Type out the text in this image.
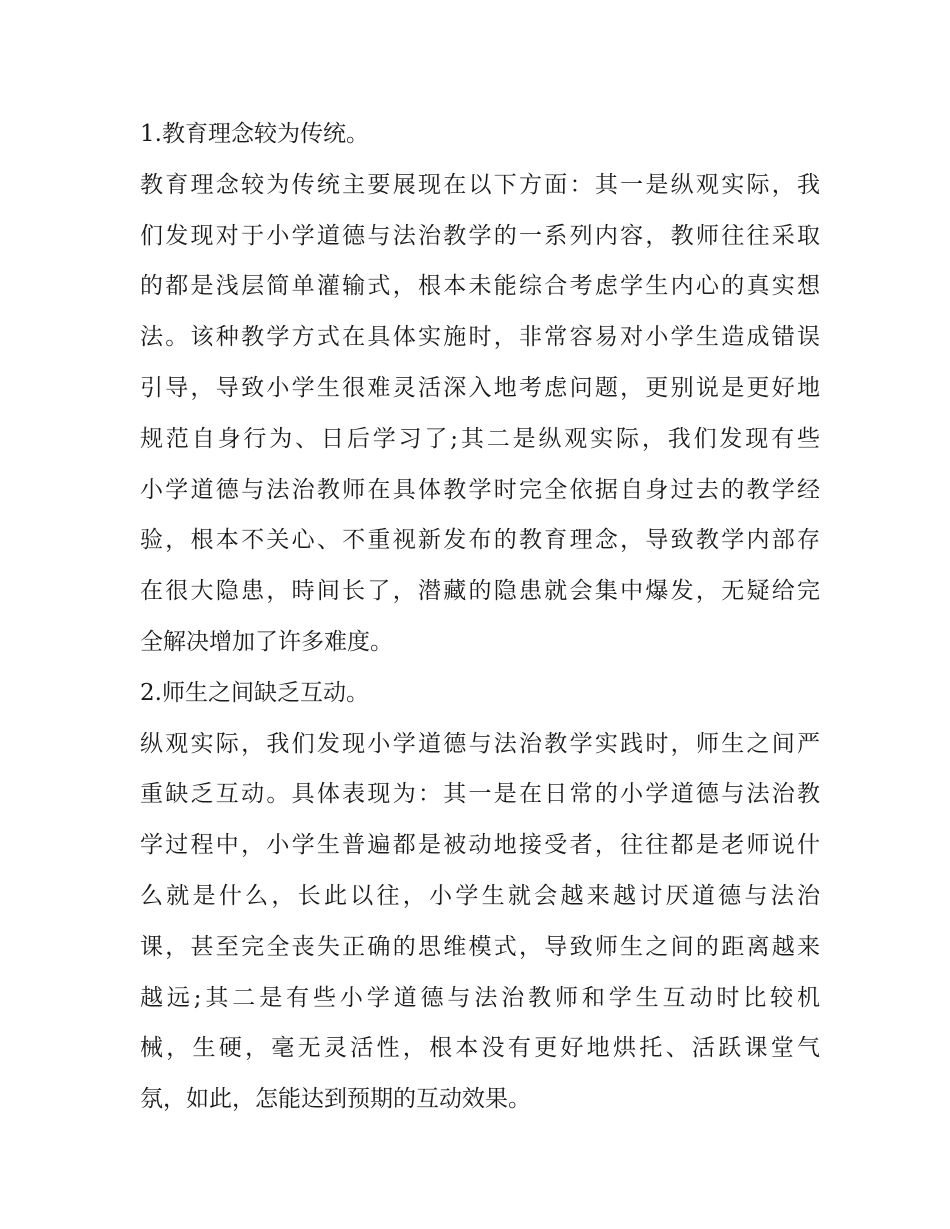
1.教育理念较为传统。
教育理念较为传统主要展现在以下方面：其一是纵观实际，我
们发现对于小学道德与法治教学的一系列内容，教师往往采取
的都是浅层简单灌输式，根本未能综合考虑学生内心的真实想
法。该种教学方式在具体实施时，非常容易对小学生造成错误
引导，导致小学生很难灵活深入地考虑问题，更别说是更好地
规范自身行为、日后学习了;其二是纵观实际，我们发现有些
小学道德与法治教师在具体教学时完全依据自身过去的教学经
验，根本不关心、不重视新发布的教育理念，导致教学内部存
在很大隐患，時间长了，潜藏的隐患就会集中爆发，无疑给完
全解决增加了许多难度。
2.师生之间缺乏互动。
纵观实际，我们发现小学道德与法治教学实践时，师生之间严
重缺乏互动。具体表现为：其一是在日常的小学道德与法治教
学过程中，小学生普遍都是被动地接受者，往往都是老师说什
么就是什么，长此以往，小学生就会越来越讨厌道德与法治
课，甚至完全丧失正确的思维模式，导致师生之间的距离越来
越远;其二是有些小学道德与法治教师和学生互动时比较机
械，生硬，毫无灵活性，根本没有更好地烘托、活跃课堂气
氛，如此，怎能达到预期的互动效果。
